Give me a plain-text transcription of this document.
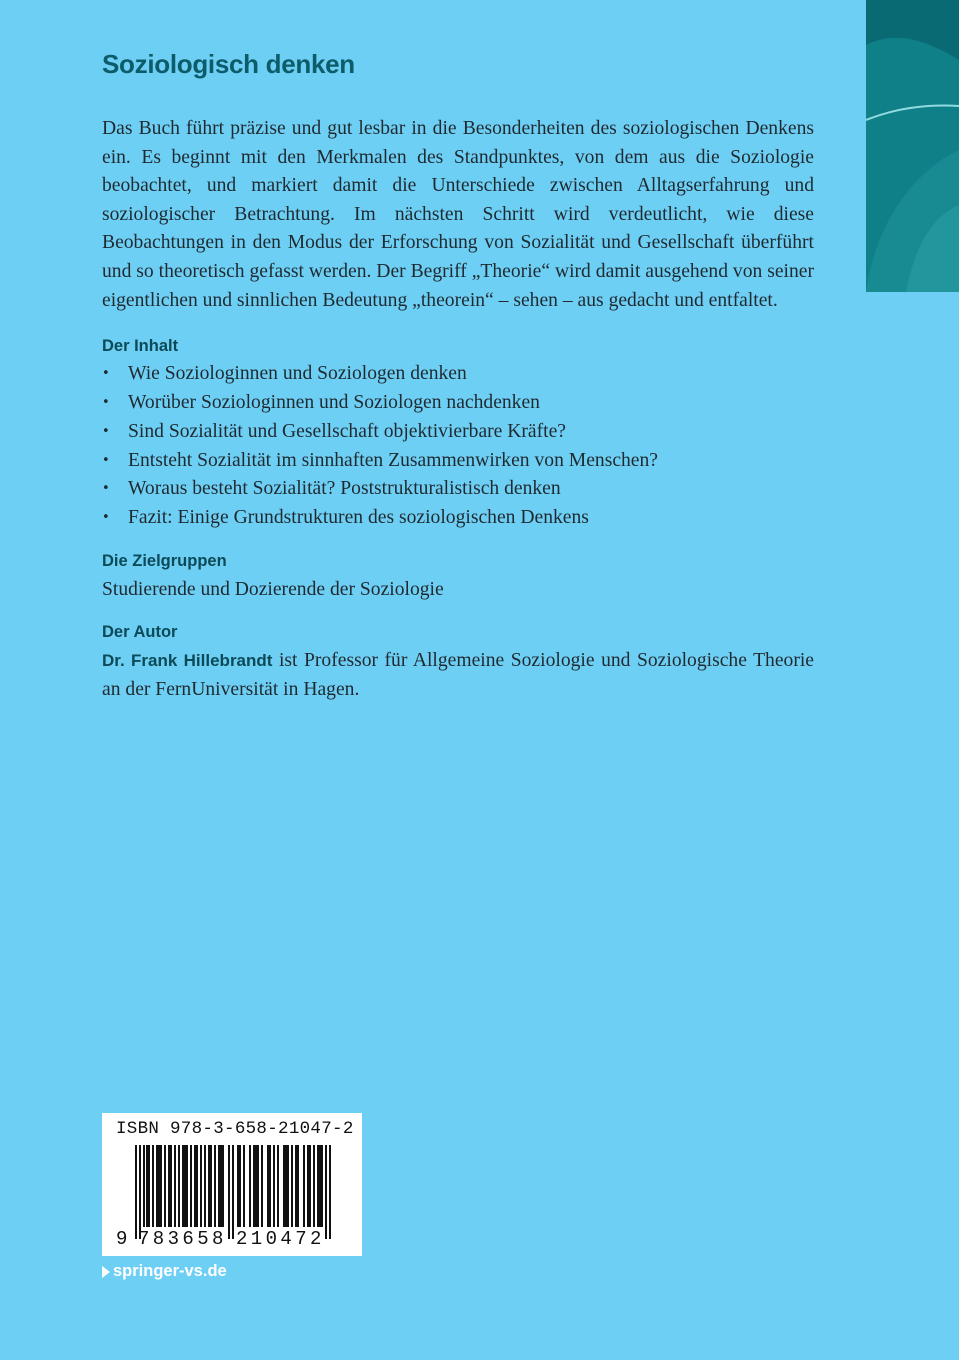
Soziologisch denken

Das Buch führt präzise und gut lesbar in die Besonderheiten des soziologischen Denkens ein. Es beginnt mit den Merkmalen des Standpunktes, von dem aus die Soziologie beobachtet, und markiert damit die Unterschiede zwischen Alltagserfahrung und soziologischer Betrachtung. Im nächsten Schritt wird verdeutlicht, wie diese Beobachtungen in den Modus der Erforschung von Sozialität und Gesellschaft überführt und so theoretisch gefasst werden. Der Begriff „Theorie“ wird damit ausgehend von seiner eigentlichen und sinnlichen Bedeutung „theorein“ – sehen – aus gedacht und entfaltet.

Der Inhalt
• Wie Soziologinnen und Soziologen denken
• Worüber Soziologinnen und Soziologen nachdenken
• Sind Sozialität und Gesellschaft objektivierbare Kräfte?
• Entsteht Sozialität im sinnhaften Zusammenwirken von Menschen?
• Woraus besteht Sozialität? Poststrukturalistisch denken
• Fazit: Einige Grundstrukturen des soziologischen Denkens
Die Zielgruppen

Studierende und Dozierende der Soziologie

Der Autor

Dr. Frank Hillebrandt ist Professor für Allgemeine Soziologie und Soziologische Theorie an der FernUniversität in Hagen.

ISBN 978-3-658-21047-2
9 783658 210472
springer-vs.de
